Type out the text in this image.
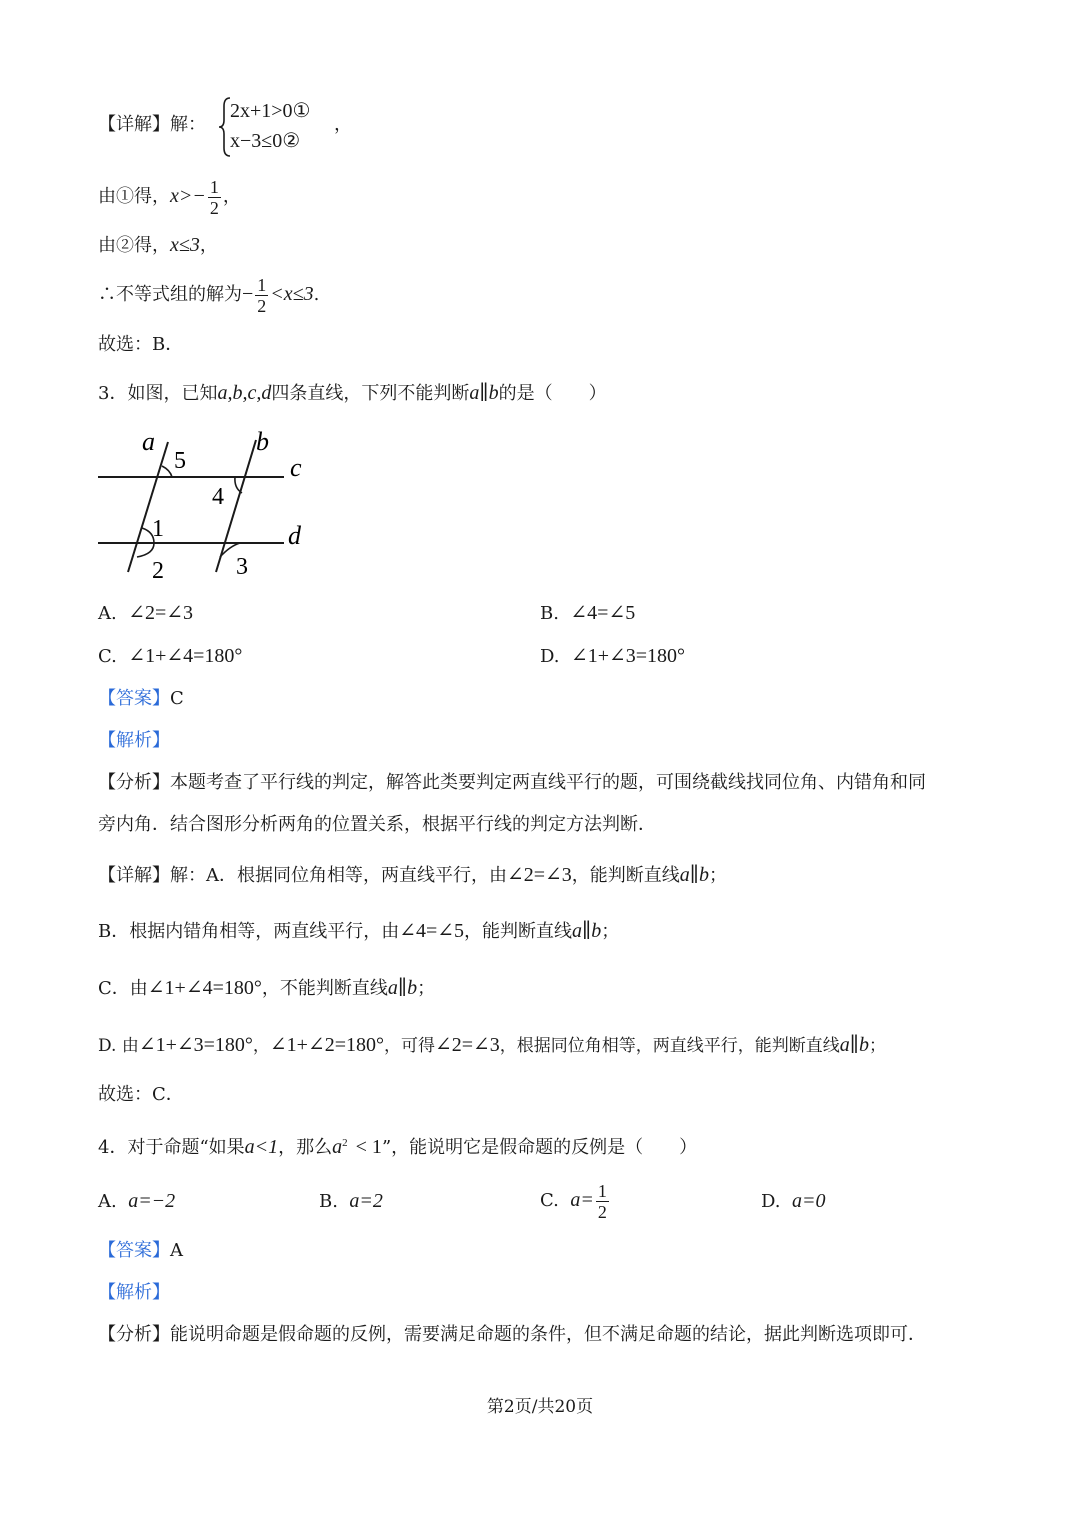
【详解】解：
2x+1>0①
x−3≤0②
，
由①得，$x>- \frac{1}{2}$ ，
由②得，x≤3，
∴不等式组的解为− $\frac{1}{2} <x\le 3$.
故选：B．
3．如图，已知a,b,c,d四条直线，下列不能判断a∥b的是（　　）
a
5
b
c
4
1	d
2	3
A. ∠2=∠3	B. ∠4=∠5
C. ∠1+∠4=180°	D. ∠1+∠3=180°
【答案】C
【解析】
【分析】本题考查了平行线的判定，解答此类要判定两直线平行的题，可围绕截线找同位角、内错角和同
旁内角．结合图形分析两角的位置关系，根据平行线的判定方法判断．
【详解】解：A．根据同位角相等，两直线平行，由∠2=∠3，能判断直线a∥b；
B．根据内错角相等，两直线平行，由∠4=∠5，能判断直线a∥b；
C．由∠1+∠4=180°，不能判断直线a∥b；
D. 由∠1+∠3=180°，∠1+∠2=180°，可得∠2=∠3，根据同位角相等，两直线平行，能判断直线a∥b；
故选：C．
4．对于命题“如果a<1，那么$a^2 < 1$”，能说明它是假命题的反例是（　　）
A. a=−2	B. a=2	C. $a= \frac{1}{2}$	D. a=0
【答案】A
【解析】
【分析】能说明命题是假命题的反例，需要满足命题的条件，但不满足命题的结论，据此判断选项即可．
第2页/共20页
